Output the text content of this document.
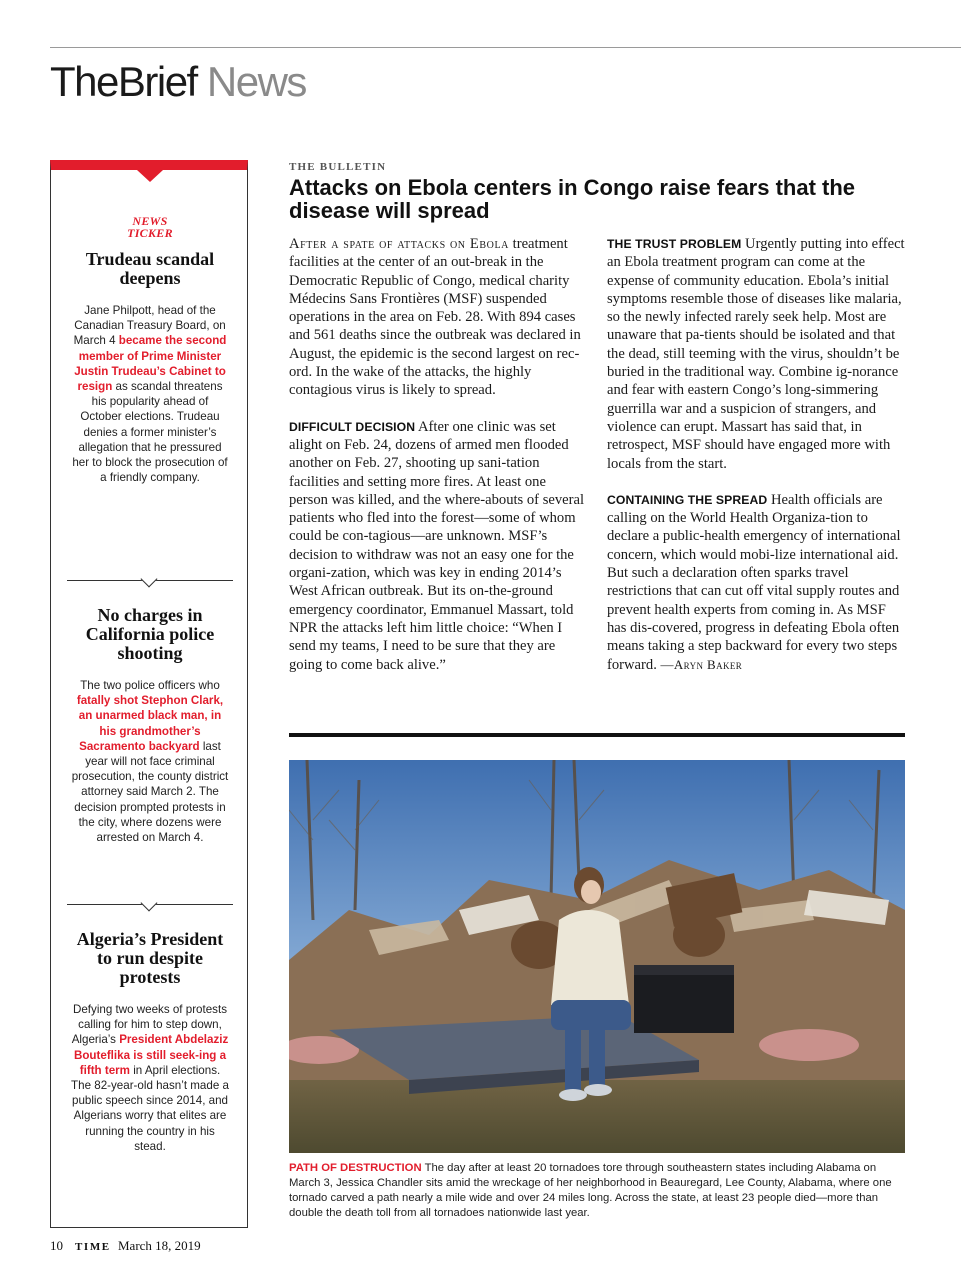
TheBrief News
NEWS
TICKER
Trudeau scandal deepens
Jane Philpott, head of the Canadian Treasury Board, on March 4 became the second member of Prime Minister Justin Trudeau’s Cabinet to resign as scandal threatens his popularity ahead of October elections. Trudeau denies a former minister’s allegation that he pressured her to block the prosecution of a friendly company.
No charges in California police shooting
The two police officers who fatally shot Stephon Clark, an unarmed black man, in his grandmother’s Sacramento backyard last year will not face criminal prosecution, the county district attorney said March 2. The decision prompted protests in the city, where dozens were arrested on March 4.
Algeria’s President to run despite protests
Defying two weeks of protests calling for him to step down, Algeria’s President Abdelaziz Bouteflika is still seek-ing a fifth term in April elections. The 82-year-old hasn’t made a public speech since 2014, and Algerians worry that elites are running the country in his stead.
THE BULLETIN
Attacks on Ebola centers in Congo raise fears that the disease will spread

After a spate of attacks on Ebola treatment facilities at the center of an out-break in the Democratic Republic of Congo, medical charity Médecins Sans Frontières (MSF) suspended operations in the area on Feb. 28. With 894 cases and 561 deaths since the outbreak was declared in August, the epidemic is the second largest on rec-ord. In the wake of the attacks, the highly contagious virus is likely to spread.

DIFFICULT DECISION After one clinic was set alight on Feb. 24, dozens of armed men flooded another on Feb. 27, shooting up sani-tation facilities and setting more fires. At least one person was killed, and the where-abouts of several patients who fled into the forest—some of whom could be con-tagious—are unknown. MSF’s decision to withdraw was not an easy one for the organi-zation, which was key in ending 2014’s West African outbreak. But its on-the-ground emergency coordinator, Emmanuel Massart, told NPR the attacks left him little choice: “When I send my teams, I need to be sure that they are going to come back alive.”

THE TRUST PROBLEM Urgently putting into effect an Ebola treatment program can come at the expense of community education. Ebola’s initial symptoms resemble those of diseases like malaria, so the newly infected rarely seek help. Most are unaware that pa-tients should be isolated and that the dead, still teeming with the virus, shouldn’t be buried in the traditional way. Combine ig-norance and fear with eastern Congo’s long-simmering guerrilla war and a suspicion of strangers, and violence can erupt. Massart has said that, in retrospect, MSF should have engaged more with locals from the start.

CONTAINING THE SPREAD Health officials are calling on the World Health Organiza-tion to declare a public-health emergency of international concern, which would mobi-lize international aid. But such a declaration often sparks travel restrictions that can cut off vital supply routes and prevent health experts from coming in. As MSF has dis-covered, progress in defeating Ebola often means taking a step backward for every two steps forward. —Aryn Baker

PATH OF DESTRUCTION The day after at least 20 tornadoes tore through southeastern states including Alabama on March 3, Jessica Chandler sits amid the wreckage of her neighborhood in Beauregard, Lee County, Alabama, where one tornado carved a path nearly a mile wide and over 24 miles long. Across the state, at least 23 people died—more than double the death toll from all tornadoes nationwide last year.

10 TIME March 18, 2019
